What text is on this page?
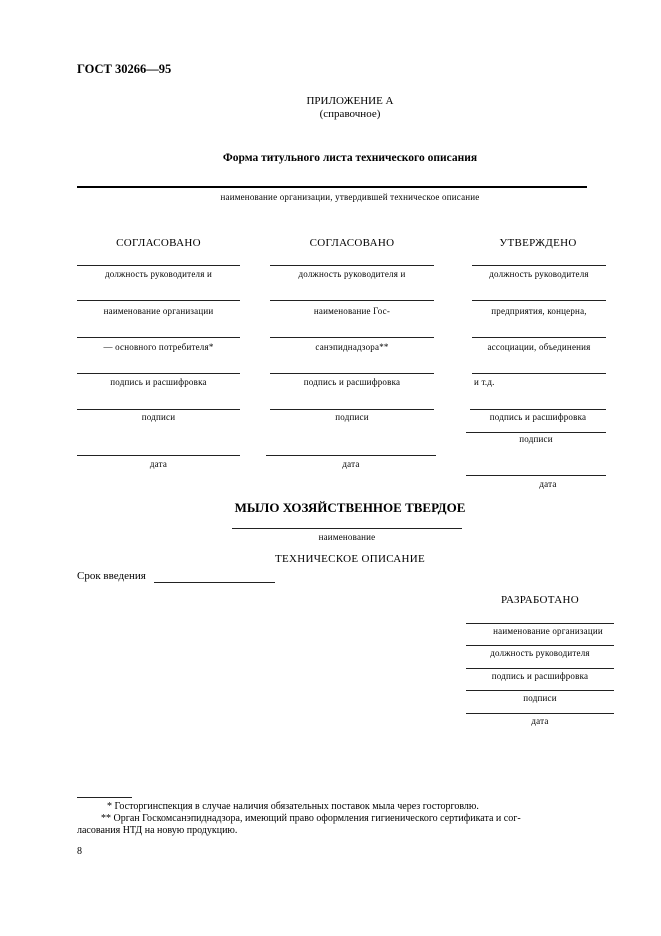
ГОСТ 30266—95
ПРИЛОЖЕНИЕ А
(справочное)
Форма титульного листа технического описания
наименование организации, утвердившей техническое описание
СОГЛАСОВАНО
должность руководителя и
наименование организации
— основного потребителя*
подпись и расшифровка
подписи
дата
СОГЛАСОВАНО
должность руководителя и
наименование Гос-
санэпиднадзора**
подпись и расшифровка
подписи
дата
УТВЕРЖДЕНО
должность руководителя
предприятия, концерна,
ассоциации, объединения
и т.д.
подпись и расшифровка
подписи
дата
МЫЛО ХОЗЯЙСТВЕННОЕ ТВЕРДОЕ
наименование
ТЕХНИЧЕСКОЕ ОПИСАНИЕ
Срок введения
РАЗРАБОТАНО
наименование организации
должность руководителя
подпись и расшифровка
подписи
дата
* Госторгинспекция в случае наличия обязательных поставок мыла через госторговлю.
** Орган Госкомсанэпиднадзора, имеющий право оформления гигиенического сертификата и сог-
ласования НТД на новую продукцию.
8
